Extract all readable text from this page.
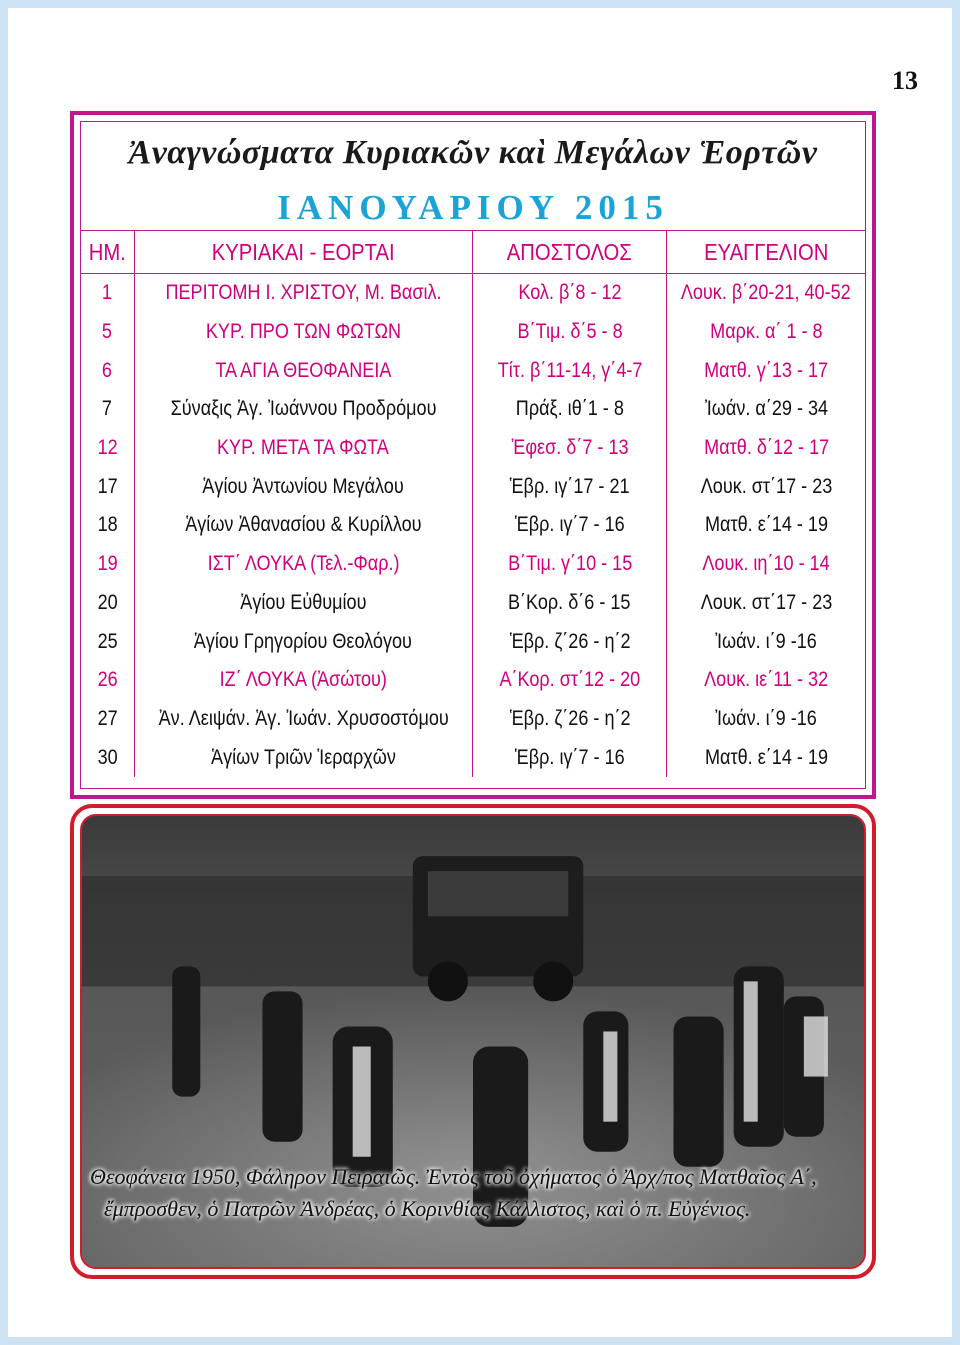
13
Ἀναγνώσματα Κυριακῶν καὶ Μεγάλων Ἑορτῶν
ΙΑΝΟΥΑΡΙΟΥ 2015
ΗΜ.	ΚΥΡΙΑΚΑΙ - ΕΟΡΤΑΙ	ΑΠΟΣΤΟΛΟΣ	ΕΥΑΓΓΕΛΙΟΝ
1	ΠΕΡΙΤΟΜΗ Ι. ΧΡΙΣΤΟΥ, Μ. Βασιλ.	Κολ. β΄8 - 12	Λουκ. β΄20-21, 40-52
5	ΚΥΡ. ΠΡΟ ΤΩΝ ΦΩΤΩΝ	Β΄Τιμ. δ΄5 - 8	Μαρκ. α΄ 1 - 8
6	ΤΑ ΑΓΙΑ ΘΕΟΦΑΝΕΙΑ	Τίτ. β΄11-14, γ΄4-7	Ματθ. γ΄13 - 17
7	Σύναξις Ἁγ. Ἰωάννου Προδρόμου	Πράξ. ιθ΄1 - 8	Ἰωάν. α΄29 - 34
12	ΚΥΡ. ΜΕΤΑ ΤΑ ΦΩΤΑ	Ἐφεσ. δ΄7 - 13	Ματθ. δ΄12 - 17
17	Ἁγίου Ἀντωνίου Μεγάλου	Ἑβρ. ιγ΄17 - 21	Λουκ. στ΄17 - 23
18	Ἁγίων Ἀθανασίου & Κυρίλλου	Ἑβρ. ιγ΄7 - 16	Ματθ. ε΄14 - 19
19	ΙΣΤ΄ ΛΟΥΚΑ (Τελ.-Φαρ.)	Β΄Τιμ. γ΄10 - 15	Λουκ. ιη΄10 - 14
20	Ἁγίου Εὐθυμίου	Β΄Κορ. δ΄6 - 15	Λουκ. στ΄17 - 23
25	Ἁγίου Γρηγορίου Θεολόγου	Ἑβρ. ζ΄26 - η΄2	Ἰωάν. ι΄9 -16
26	ΙΖ΄ ΛΟΥΚΑ (Ἀσώτου)	Α΄Κορ. στ΄12 - 20	Λουκ. ιε΄11 - 32
27	Ἀν. Λειψάν. Ἁγ. Ἰωάν. Χρυσοστόμου	Ἑβρ. ζ΄26 - η΄2	Ἰωάν. ι΄9 -16
30	Ἁγίων Τριῶν Ἱεραρχῶν	Ἑβρ. ιγ΄7 - 16	Ματθ. ε΄14 - 19
Θεοφάνεια 1950, Φάληρον Πειραιῶς. Ἐντὸς τοῦ ὀχήματος ὁ Ἀρχ/πος Ματθαῖος Α΄,
ἔμπροσθεν, ὁ Πατρῶν Ἀνδρέας, ὁ Κορινθίας Κάλλιστος, καὶ ὁ π. Εὐγένιος.
